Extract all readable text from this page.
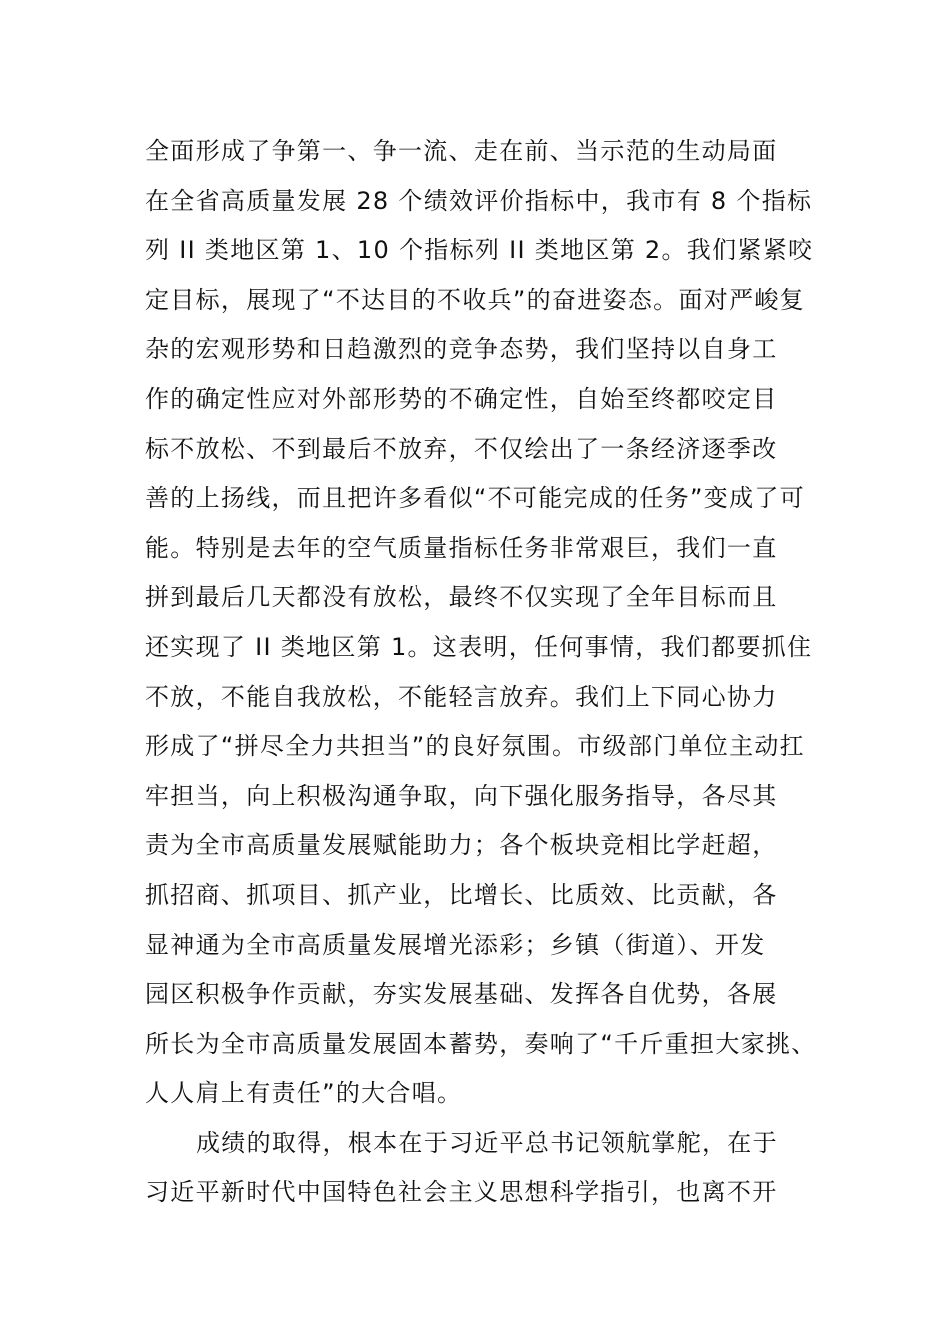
全面形成了争第一、争一流、走在前、当示范的生动局面
在全省高质量发展 28 个绩效评价指标中，我市有 8 个指标
列 II 类地区第 1、10 个指标列 II 类地区第 2。我们紧紧咬
定目标，展现了“不达目的不收兵”的奋进姿态。面对严峻复
杂的宏观形势和日趋激烈的竞争态势，我们坚持以自身工
作的确定性应对外部形势的不确定性，自始至终都咬定目
标不放松、不到最后不放弃，不仅绘出了一条经济逐季改
善的上扬线，而且把许多看似“不可能完成的任务”变成了可
能。特别是去年的空气质量指标任务非常艰巨，我们一直
拼到最后几天都没有放松，最终不仅实现了全年目标而且
还实现了 II 类地区第 1。这表明，任何事情，我们都要抓住
不放，不能自我放松，不能轻言放弃。我们上下同心协力
形成了“拼尽全力共担当”的良好氛围。市级部门单位主动扛
牢担当，向上积极沟通争取，向下强化服务指导，各尽其
责为全市高质量发展赋能助力；各个板块竞相比学赶超，
抓招商、抓项目、抓产业，比增长、比质效、比贡献，各
显神通为全市高质量发展增光添彩；乡镇（街道）、开发
园区积极争作贡献，夯实发展基础、发挥各自优势，各展
所长为全市高质量发展固本蓄势，奏响了“千斤重担大家挑、
人人肩上有责任”的大合唱。
成绩的取得，根本在于习近平总书记领航掌舵，在于
习近平新时代中国特色社会主义思想科学指引，也离不开
